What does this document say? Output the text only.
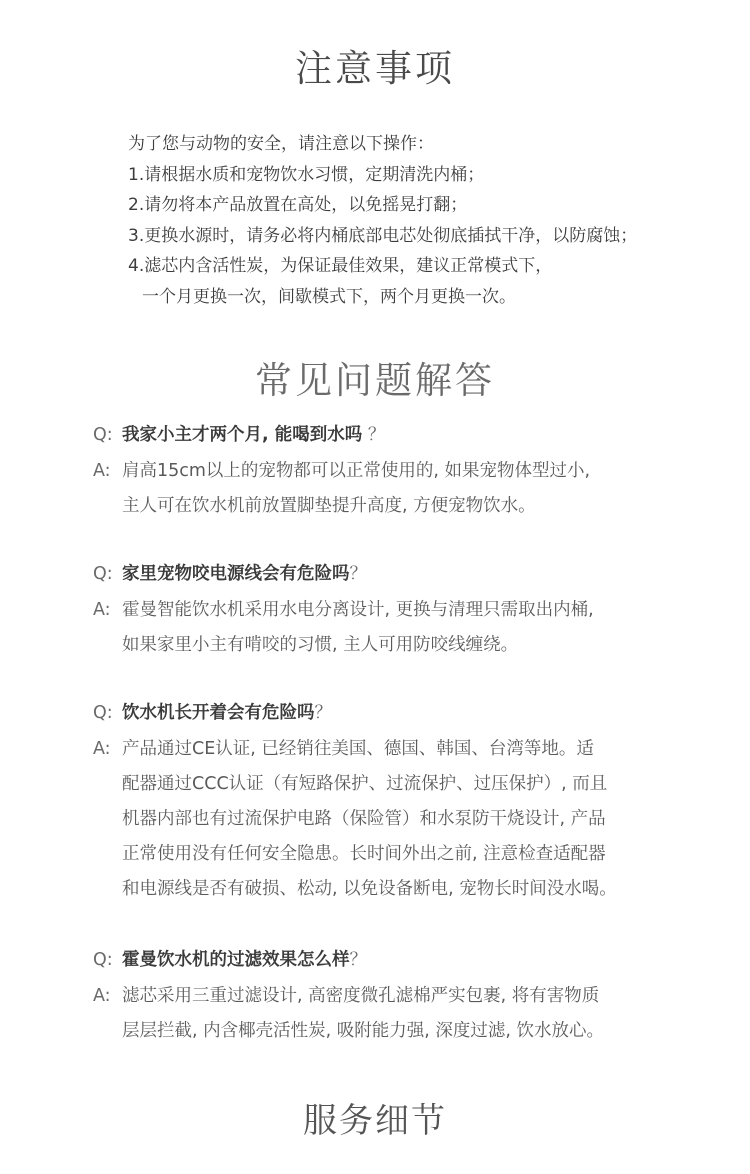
注意事项
为了您与动物的安全，请注意以下操作：
1.请根据水质和宠物饮水习惯，定期清洗内桶；
2.请勿将本产品放置在高处，以免摇晃打翻；
3.更换水源时，请务必将内桶底部电芯处彻底插拭干净，以防腐蚀；
4.滤芯内含活性炭，为保证最佳效果，建议正常模式下，
一个月更换一次，间歇模式下，两个月更换一次。
常见问题解答
Q: 我家小主才两个月, 能喝到水吗 ？
A: 肩高15cm以上的宠物都可以正常使用的, 如果宠物体型过小,
主人可在饮水机前放置脚垫提升高度, 方便宠物饮水。
Q: 家里宠物咬电源线会有危险吗？
A: 霍曼智能饮水机采用水电分离设计, 更换与清理只需取出内桶,
如果家里小主有啃咬的习惯, 主人可用防咬线缠绕。
Q: 饮水机长开着会有危险吗？
A: 产品通过CE认证, 已经销往美国、德国、韩国、台湾等地。适
配器通过CCC认证（有短路保护、过流保护、过压保护）, 而且
机器内部也有过流保护电路（保险管）和水泵防干烧设计, 产品
正常使用没有任何安全隐患。长时间外出之前, 注意检查适配器
和电源线是否有破损、松动, 以免设备断电, 宠物长时间没水喝。
Q: 霍曼饮水机的过滤效果怎么样？
A: 滤芯采用三重过滤设计, 高密度微孔滤棉严实包裹, 将有害物质
层层拦截, 内含椰壳活性炭, 吸附能力强, 深度过滤, 饮水放心。
服务细节
